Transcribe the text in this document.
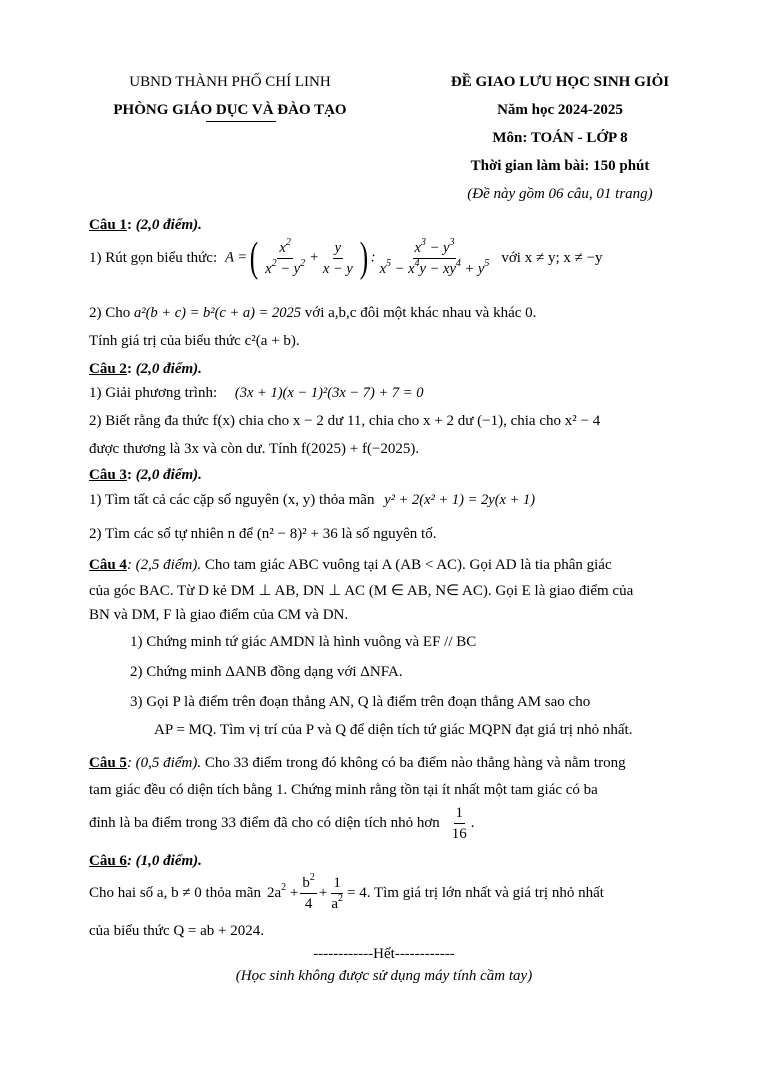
UBND THÀNH PHỐ CHÍ LINH
PHÒNG GIÁO DỤC VÀ ĐÀO TẠO
ĐỀ GIAO LƯU HỌC SINH GIỎI
Năm học 2024-2025
Môn: TOÁN - LỚP 8
Thời gian làm bài: 150 phút
(Đề này gồm 06 câu, 01 trang)
Câu 1: (2,0 điểm).
1) Rút gọn biểu thức: A =( $\frac{x^2}{x^2 - y^2} + \frac{y}{x - y}$ ) : $\frac{x^3 - y^3}{x^5 - x^4y - xy^4 + y^5}$ với x ≠ y; x ≠ −y
2) Cho a²(b + c) = b²(c + a) = 2025 với a,b,c đôi một khác nhau và khác 0.
Tính giá trị của biểu thức c²(a + b).
Câu 2: (2,0 điểm).
1) Giải phương trình: (3x + 1)(x − 1)²(3x − 7) + 7 = 0
2) Biết rằng đa thức f(x) chia cho x − 2 dư 11, chia cho x + 2 dư (−1), chia cho x² − 4
được thương là 3x và còn dư. Tính f(2025) + f(−2025).
Câu 3: (2,0 điểm).
1) Tìm tất cả các cặp số nguyên (x, y) thỏa mãn y² + 2(x² + 1) = 2y(x + 1)
2) Tìm các số tự nhiên n để (n² − 8)² + 36 là số nguyên tố.
Câu 4: (2,5 điểm). Cho tam giác ABC vuông tại A (AB < AC). Gọi AD là tia phân giác
của góc BAC. Từ D kẻ DM ⊥ AB, DN ⊥ AC (M ∈ AB, N∈ AC). Gọi E là giao điểm của
BN và DM, F là giao điểm của CM và DN.
1) Chứng minh tứ giác AMDN là hình vuông và EF // BC
2) Chứng minh ΔANB đồng dạng với ΔNFA.
3) Gọi P là điểm trên đoạn thẳng AN, Q là điểm trên đoạn thẳng AM sao cho
AP = MQ. Tìm vị trí của P và Q để diện tích tứ giác MQPN đạt giá trị nhỏ nhất.
Câu 5: (0,5 điểm). Cho 33 điểm trong đó không có ba điểm nào thẳng hàng và nằm trong
tam giác đều có diện tích bằng 1. Chứng minh rằng tồn tại ít nhất một tam giác có ba
đỉnh là ba điểm trong 33 điểm đã cho có diện tích nhỏ hơn $\frac{1}{16}$ .
Câu 6: (1,0 điểm).
Cho hai số a, b ≠ 0 thỏa mãn $2a^2 + \frac{b^2}{4} + \frac{1}{a^2} = 4$ . Tìm giá trị lớn nhất và giá trị nhỏ nhất
của biểu thức Q = ab + 2024.
------------Hết------------
(Học sinh không được sử dụng máy tính cầm tay)
